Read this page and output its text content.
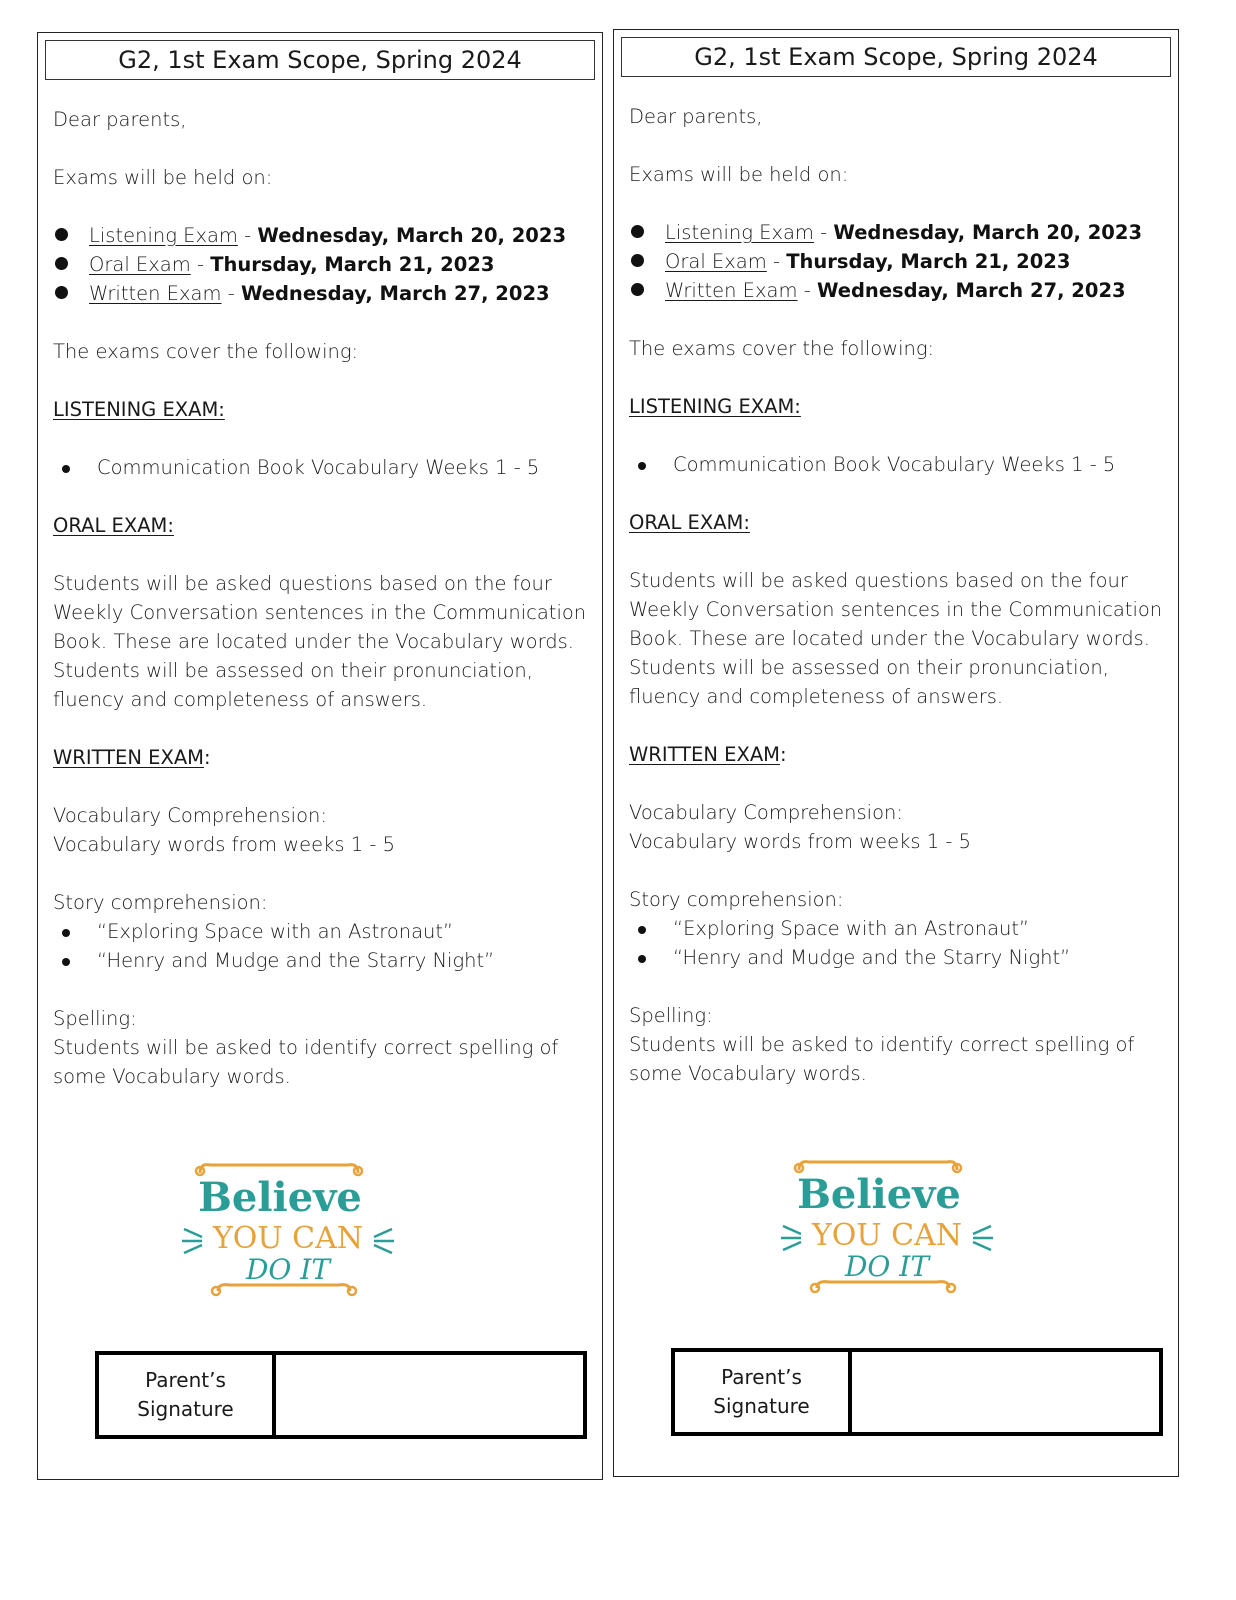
G2, 1st Exam Scope, Spring 2024

Dear parents,

Exams will be held on:

Listening Exam - Wednesday, March 20, 2023
Oral Exam - Thursday, March 21, 2023
Written Exam - Wednesday, March 27, 2023

The exams cover the following:

LISTENING EXAM:

Communication Book Vocabulary Weeks 1 - 5

ORAL EXAM:

Students will be asked questions based on the four

Weekly Conversation sentences in the Communication

Book. These are located under the Vocabulary words.

Students will be assessed on their pronunciation,

fluency and completeness of answers.

WRITTEN EXAM:

Vocabulary Comprehension:

Vocabulary words from weeks 1 - 5

Story comprehension:

“Exploring Space with an Astronaut”
“Henry and Mudge and the Starry Night”

Spelling:

Students will be asked to identify correct spelling of

some Vocabulary words.

Believe
YOU CAN
DO IT
Parent’s
Signature
G2, 1st Exam Scope, Spring 2024

Dear parents,

Exams will be held on:

Listening Exam - Wednesday, March 20, 2023
Oral Exam - Thursday, March 21, 2023
Written Exam - Wednesday, March 27, 2023

The exams cover the following:

LISTENING EXAM:

Communication Book Vocabulary Weeks 1 - 5

ORAL EXAM:

Students will be asked questions based on the four

Weekly Conversation sentences in the Communication

Book. These are located under the Vocabulary words.

Students will be assessed on their pronunciation,

fluency and completeness of answers.

WRITTEN EXAM:

Vocabulary Comprehension:

Vocabulary words from weeks 1 - 5

Story comprehension:

“Exploring Space with an Astronaut”
“Henry and Mudge and the Starry Night”

Spelling:

Students will be asked to identify correct spelling of

some Vocabulary words.

Believe
YOU CAN
DO IT
Parent’s
Signature
